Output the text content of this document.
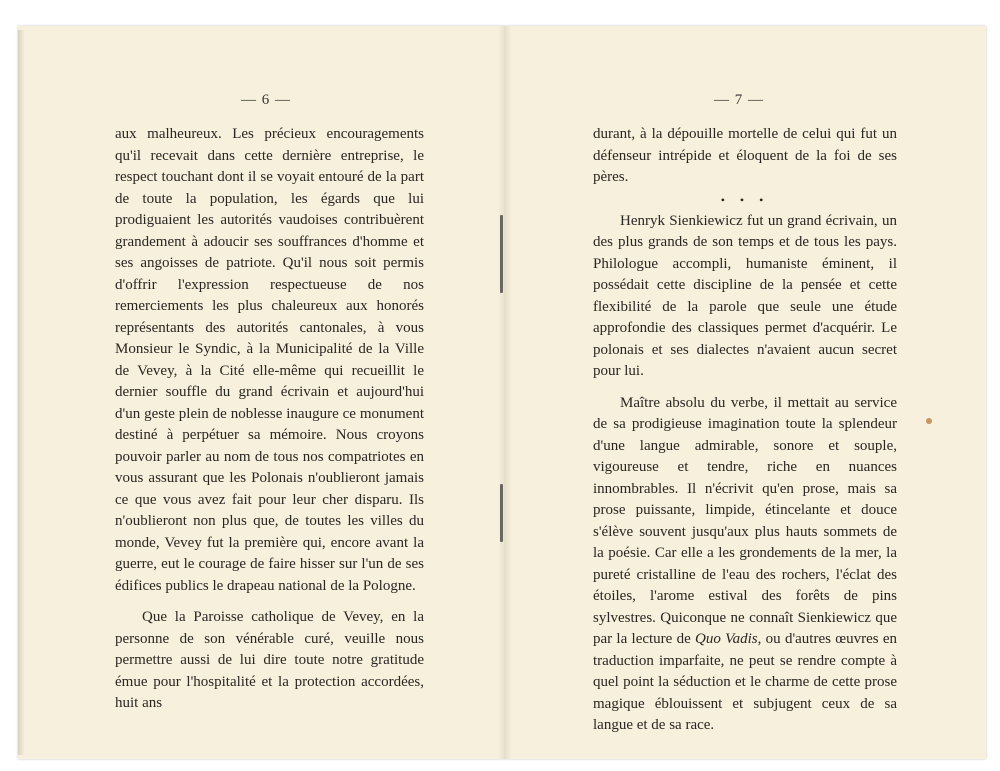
— 6 —	— 7 —

aux malheureux. Les précieux encouragements qu'il recevait dans cette dernière entreprise, le respect touchant dont il se voyait entouré de la part de toute la population, les égards que lui prodiguaient les autorités vaudoises contribuèrent grandement à adoucir ses souffrances d'homme et ses angoisses de patriote. Qu'il nous soit permis d'offrir l'expression respectueuse de nos remerciements les plus chaleureux aux honorés représentants des autorités cantonales, à vous Monsieur le Syndic, à la Municipalité de la Ville de Vevey, à la Cité elle-même qui recueillit le dernier souffle du grand écrivain et aujourd'hui d'un geste plein de noblesse inaugure ce monument destiné à perpétuer sa mémoire. Nous croyons pouvoir parler au nom de tous nos compatriotes en vous assurant que les Polonais n'oublieront jamais ce que vous avez fait pour leur cher disparu. Ils n'oublieront non plus que, de toutes les villes du monde, Vevey fut la première qui, encore avant la guerre, eut le courage de faire hisser sur l'un de ses édifices publics le drapeau national de la Pologne.

Que la Paroisse catholique de Vevey, en la personne de son vénérable curé, veuille nous permettre aussi de lui dire toute notre gratitude émue pour l'hospitalité et la protection accordées, huit ans

durant, à la dépouille mortelle de celui qui fut un défenseur intrépide et éloquent de la foi de ses pères.

• • •

Henryk Sienkiewicz fut un grand écrivain, un des plus grands de son temps et de tous les pays. Philologue accompli, humaniste éminent, il possédait cette discipline de la pensée et cette flexibilité de la parole que seule une étude approfondie des classiques permet d'acquérir. Le polonais et ses dialectes n'avaient aucun secret pour lui.

Maître absolu du verbe, il mettait au service de sa prodigieuse imagination toute la splendeur d'une langue admirable, sonore et souple, vigoureuse et tendre, riche en nuances innombrables. Il n'écrivit qu'en prose, mais sa prose puissante, limpide, étincelante et douce s'élève souvent jusqu'aux plus hauts sommets de la poésie. Car elle a les grondements de la mer, la pureté cristalline de l'eau des rochers, l'éclat des étoiles, l'arome estival des forêts de pins sylvestres. Quiconque ne connaît Sienkiewicz que par la lecture de Quo Vadis, ou d'autres œuvres en traduction imparfaite, ne peut se rendre compte à quel point la séduction et le charme de cette prose magique éblouissent et subjugent ceux de sa langue et de sa race.
